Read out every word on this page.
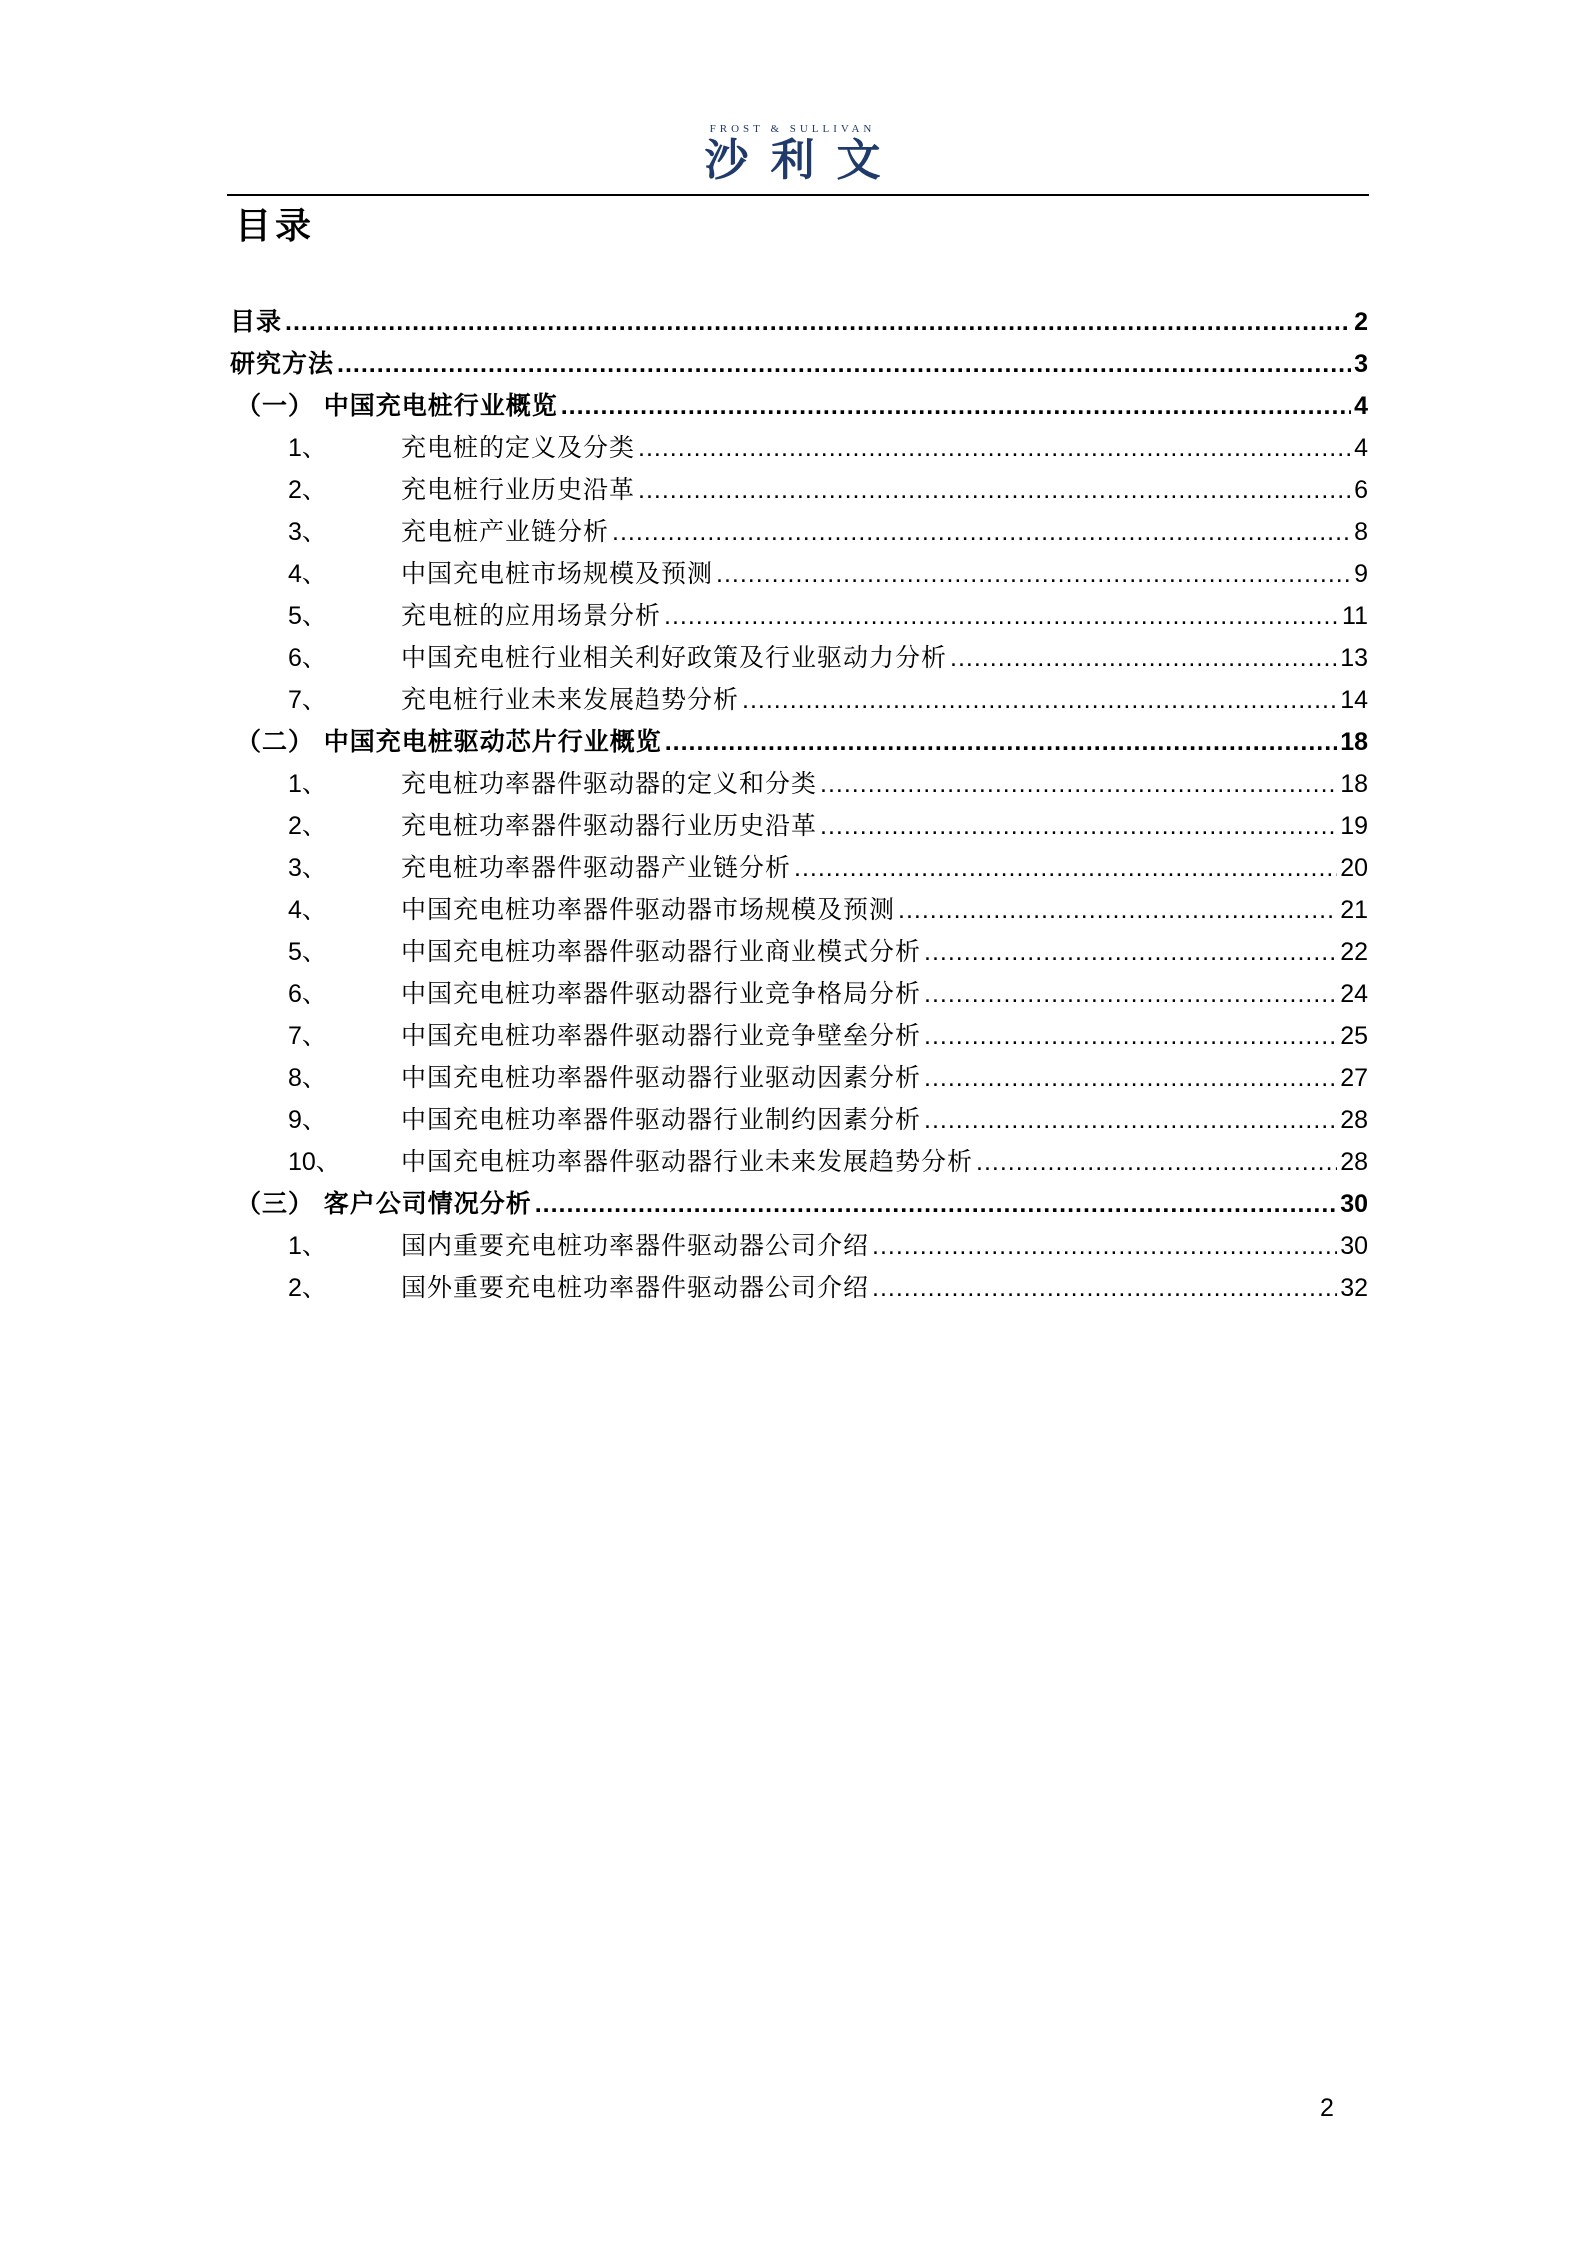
FROST & SULLIVAN
沙利文
目录
目录 .....	2
研究方法 .....	3
（一） 中国充电桩行业概览 .....	4
1、	充电桩的定义及分类 .....	4
2、	充电桩行业历史沿革 .....	6
3、	充电桩产业链分析 .....	8
4、	中国充电桩市场规模及预测 .....	9
5、	充电桩的应用场景分析 .....	11
6、	中国充电桩行业相关利好政策及行业驱动力分析 .....	13
7、	充电桩行业未来发展趋势分析 .....	14
（二） 中国充电桩驱动芯片行业概览 .....	18
1、	充电桩功率器件驱动器的定义和分类 .....	18
2、	充电桩功率器件驱动器行业历史沿革 .....	19
3、	充电桩功率器件驱动器产业链分析 .....	20
4、	中国充电桩功率器件驱动器市场规模及预测 .....	21
5、	中国充电桩功率器件驱动器行业商业模式分析 .....	22
6、	中国充电桩功率器件驱动器行业竞争格局分析 .....	24
7、	中国充电桩功率器件驱动器行业竞争壁垒分析 .....	25
8、	中国充电桩功率器件驱动器行业驱动因素分析 .....	27
9、	中国充电桩功率器件驱动器行业制约因素分析 .....	28
10、	中国充电桩功率器件驱动器行业未来发展趋势分析 .....	28
（三） 客户公司情况分析 .....	30
1、	国内重要充电桩功率器件驱动器公司介绍 .....	30
2、	国外重要充电桩功率器件驱动器公司介绍 .....	32
2
